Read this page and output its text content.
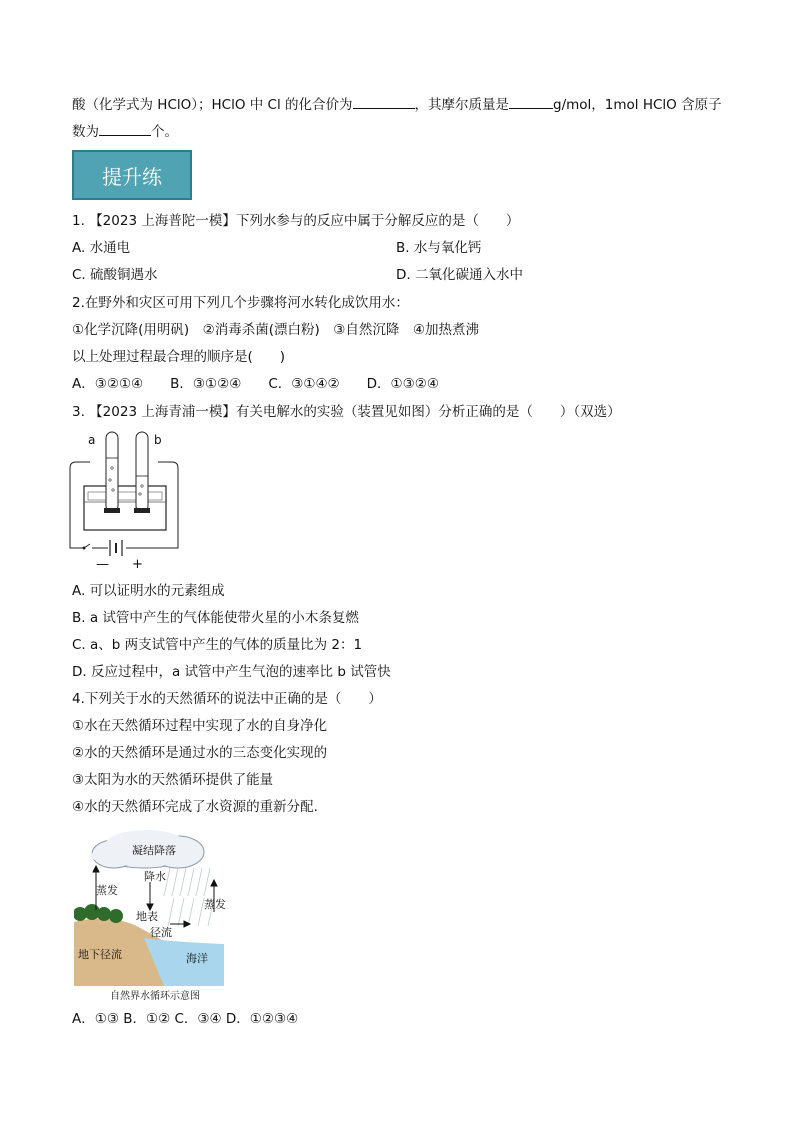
酸（化学式为 HClO）；HClO 中 Cl 的化合价为	，其摩尔质量是	g/mol，1mol HClO 含原子
数为	个。
提升练
1. 【2023 上海普陀一模】下列水参与的反应中属于分解反应的是（　　）
A. 水通电	B. 水与氧化钙
C. 硫酸铜遇水	D. 二氧化碳通入水中
2.在野外和灾区可用下列几个步骤将河水转化成饮用水：
①化学沉降(用明矾)　②消毒杀菌(漂白粉)　③自然沉降　④加热煮沸
以上处理过程最合理的顺序是(　　)
A．③②①④　　B．③①②④　　C．③①④②　　D．①③②④
3. 【2023 上海青浦一模】有关电解水的实验（装置见如图）分析正确的是（　　）（双选）
a	b
— +
A. 可以证明水的元素组成
B. a 试管中产生的气体能使带火星的小木条复燃
C. a、b 两支试管中产生的气体的质量比为 2：1
D. 反应过程中，a 试管中产生气泡的速率比 b 试管快
4.下列关于水的天然循环的说法中正确的是（　　）
①水在天然循环过程中实现了水的自身净化
②水的天然循环是通过水的三态变化实现的
③太阳为水的天然循环提供了能量
④水的天然循环完成了水资源的重新分配.
凝结降落
蒸发
降水
地表
径流
蒸发
地下径流	海洋
自然界水循环示意图
A．①③ B．①② C．③④ D．①②③④
